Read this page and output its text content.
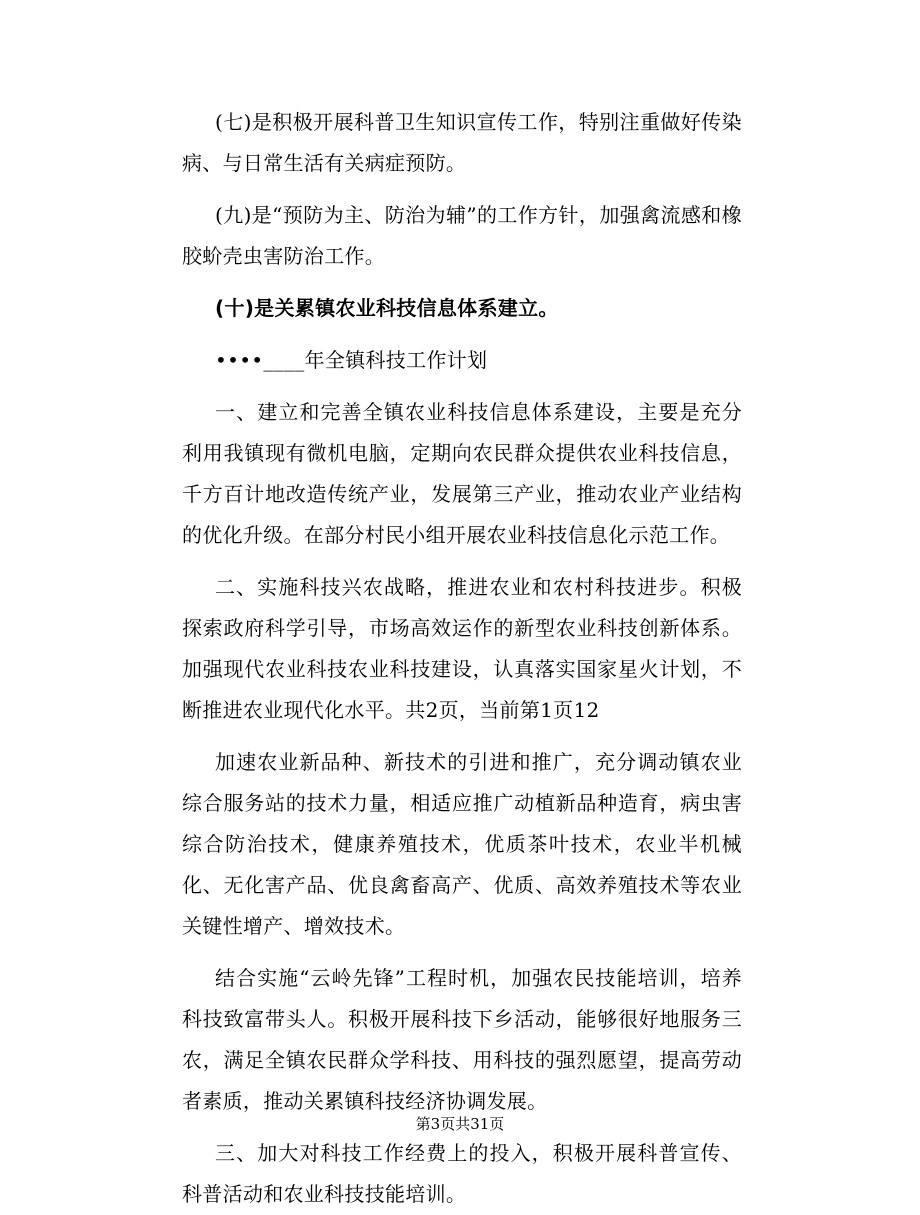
(七)是积极开展科普卫生知识宣传工作，特别注重做好传染病、与日常生活有关病症预防。

(九)是“预防为主、防治为辅”的工作方针，加强禽流感和橡胶蚧壳虫害防治工作。

(十)是关累镇农业科技信息体系建立。

••••____年全镇科技工作计划

一、建立和完善全镇农业科技信息体系建设，主要是充分利用我镇现有微机电脑，定期向农民群众提供农业科技信息，千方百计地改造传统产业，发展第三产业，推动农业产业结构的优化升级。在部分村民小组开展农业科技信息化示范工作。

二、实施科技兴农战略，推进农业和农村科技进步。积极探索政府科学引导，市场高效运作的新型农业科技创新体系。加强现代农业科技农业科技建设，认真落实国家星火计划，不断推进农业现代化水平。共2页，当前第1页12

加速农业新品种、新技术的引进和推广，充分调动镇农业综合服务站的技术力量，相适应推广动植新品种造育，病虫害综合防治技术，健康养殖技术，优质茶叶技术，农业半机械化、无化害产品、优良禽畜高产、优质、高效养殖技术等农业关键性增产、增效技术。

结合实施“云岭先锋”工程时机，加强农民技能培训，培养科技致富带头人。积极开展科技下乡活动，能够很好地服务三农，满足全镇农民群众学科技、用科技的强烈愿望，提高劳动者素质，推动关累镇科技经济协调发展。

三、加大对科技工作经费上的投入，积极开展科普宣传、科普活动和农业科技技能培训。

第3页共31页
